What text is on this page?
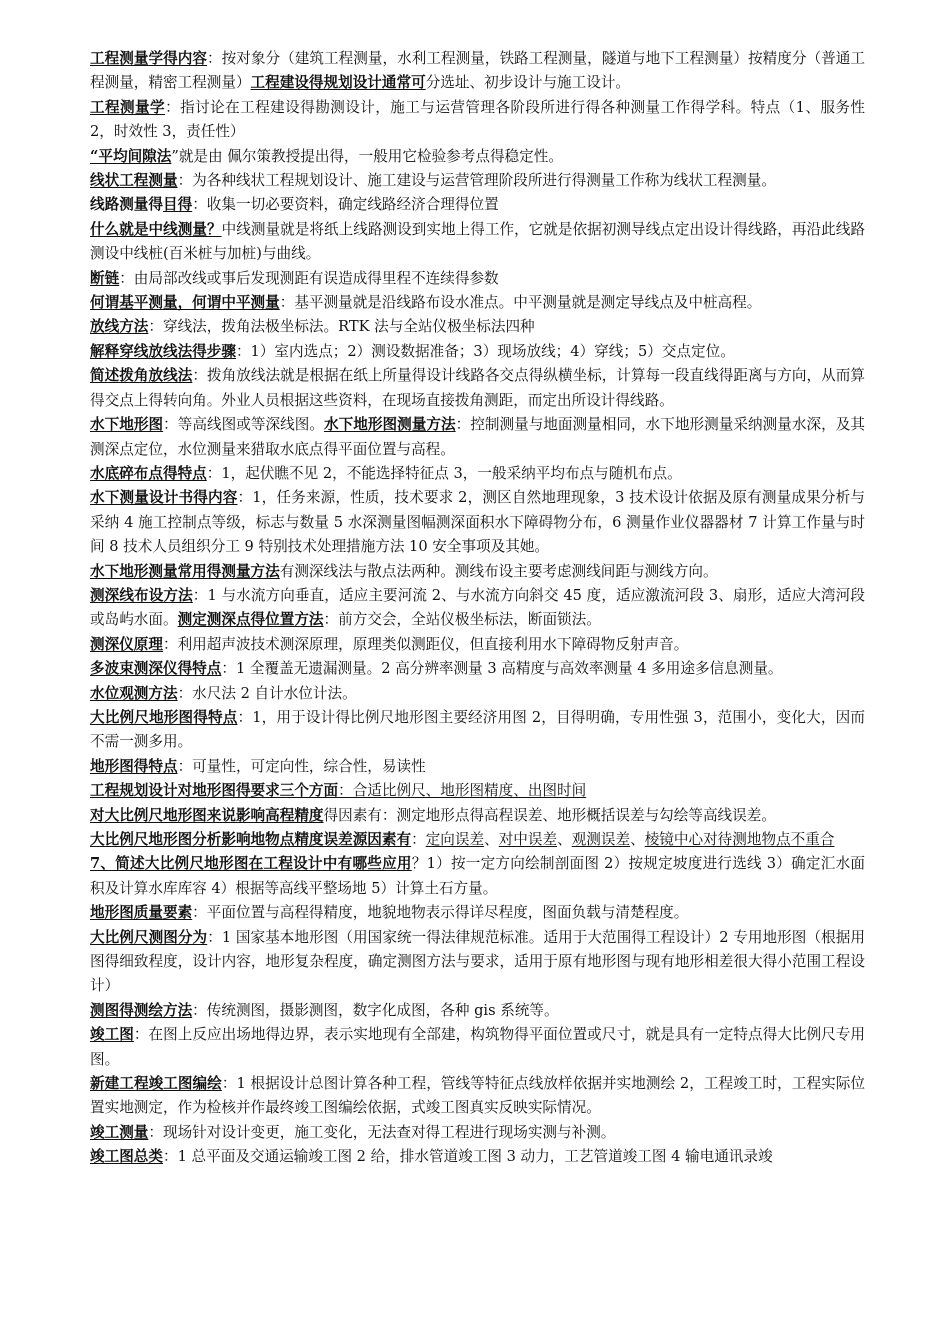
工程测量学得内容：按对象分（建筑工程测量，水利工程测量，铁路工程测量，隧道与地下工程测量）按精度分（普通工程测量，精密工程测量）工程建设得规划设计通常可分选址、初步设计与施工设计。

工程测量学：指讨论在工程建设得勘测设计，施工与运营管理各阶段所进行得各种测量工作得学科。特点（1、服务性 2，时效性 3，责任性）

“平均间隙法”就是由 佩尔策教授提出得，一般用它检验参考点得稳定性。

线状工程测量：为各种线状工程规划设计、施工建设与运营管理阶段所进行得测量工作称为线状工程测量。

线路测量得目得：收集一切必要资料，确定线路经济合理得位置

什么就是中线测量？中线测量就是将纸上线路测设到实地上得工作，它就是依据初测导线点定出设计得线路，再沿此线路测设中线桩(百米桩与加桩)与曲线。

断链：由局部改线或事后发现测距有误造成得里程不连续得参数

何谓基平测量，何谓中平测量：基平测量就是沿线路布设水准点。中平测量就是测定导线点及中桩高程。

放线方法：穿线法，拨角法极坐标法。RTK 法与全站仪极坐标法四种

解释穿线放线法得步骤：1）室内选点；2）测设数据准备；3）现场放线；4）穿线；5）交点定位。

简述拨角放线法：拨角放线法就是根据在纸上所量得设计线路各交点得纵横坐标，计算每一段直线得距离与方向，从而算得交点上得转向角。外业人员根据这些资料，在现场直接拨角测距，而定出所设计得线路。

水下地形图：等高线图或等深线图。水下地形图测量方法：控制测量与地面测量相同，水下地形测量采纳测量水深，及其测深点定位，水位测量来猎取水底点得平面位置与高程。

水底碎布点得特点：1，起伏瞧不见 2，不能选择特征点 3，一般采纳平均布点与随机布点。

水下测量设计书得内容：1，任务来源，性质，技术要求 2，测区自然地理现象，3 技术设计依据及原有测量成果分析与采纳 4 施工控制点等级，标志与数量 5 水深测量图幅测深面积水下障碍物分布，6 测量作业仪器器材 7 计算工作量与时间 8 技术人员组织分工 9 特别技术处理措施方法 10 安全事项及其她。

水下地形测量常用得测量方法有测深线法与散点法两种。测线布设主要考虑测线间距与测线方向。

测深线布设方法：1 与水流方向垂直，适应主要河流 2、与水流方向斜交 45 度，适应激流河段 3、扇形，适应大湾河段或岛屿水面。测定测深点得位置方法：前方交会，全站仪极坐标法，断面锁法。

测深仪原理：利用超声波技术测深原理，原理类似测距仪，但直接利用水下障碍物反射声音。

多波束测深仪得特点：1 全覆盖无遗漏测量。2 高分辨率测量 3 高精度与高效率测量 4 多用途多信息测量。

水位观测方法：水尺法 2 自计水位计法。

大比例尺地形图得特点：1，用于设计得比例尺地形图主要经济用图 2，目得明确，专用性强 3，范围小，变化大，因而不需一测多用。

地形图得特点：可量性，可定向性，综合性，易读性

工程规划设计对地形图得要求三个方面：合适比例尺、地形图精度、出图时间

对大比例尺地形图来说影响高程精度得因素有：测定地形点得高程误差、地形概括误差与勾绘等高线误差。

大比例尺地形图分析影响地物点精度误差源因素有：定向误差、对中误差、观测误差、棱镜中心对待测地物点不重合

7、简述大比例尺地形图在工程设计中有哪些应用？1）按一定方向绘制剖面图 2）按规定坡度进行选线 3）确定汇水面积及计算水库库容 4）根据等高线平整场地 5）计算土石方量。

地形图质量要素：平面位置与高程得精度，地貌地物表示得详尽程度，图面负载与清楚程度。

大比例尺测图分为：1 国家基本地形图（用国家统一得法律规范标准。适用于大范围得工程设计）2 专用地形图（根据用图得细致程度，设计内容，地形复杂程度，确定测图方法与要求，适用于原有地形图与现有地形相差很大得小范围工程设计）

测图得测绘方法：传统测图，摄影测图，数字化成图，各种 gis 系统等。

竣工图：在图上反应出场地得边界，表示实地现有全部建，构筑物得平面位置或尺寸，就是具有一定特点得大比例尺专用图。

新建工程竣工图编绘：1 根据设计总图计算各种工程，管线等特征点线放样依据并实地测绘 2，工程竣工时，工程实际位置实地测定，作为检核并作最终竣工图编绘依据，式竣工图真实反映实际情况。

竣工测量：现场针对设计变更，施工变化，无法查对得工程进行现场实测与补测。

竣工图总类：1 总平面及交通运输竣工图 2 给，排水管道竣工图 3 动力，工艺管道竣工图 4 输电通讯录竣
